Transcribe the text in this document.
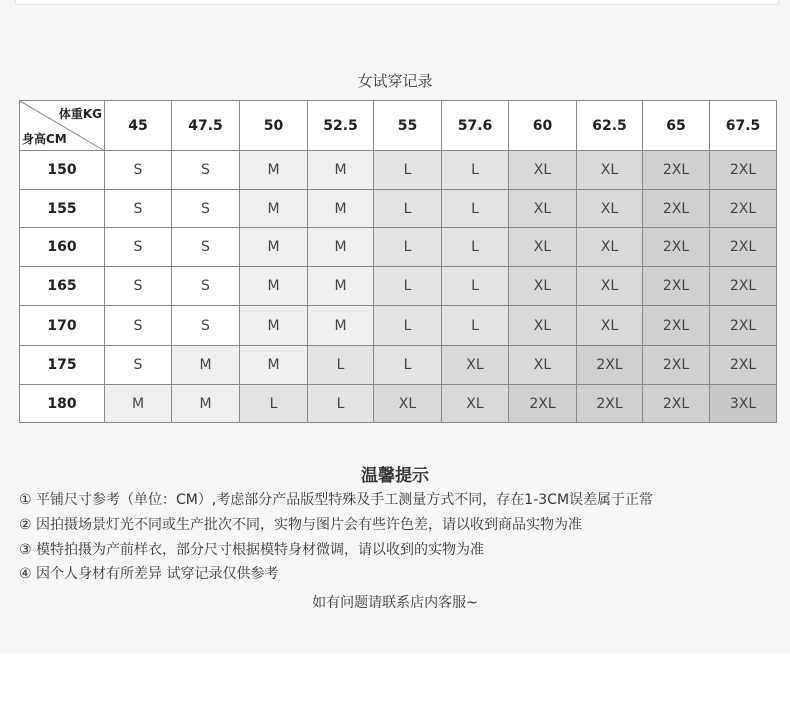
女试穿记录
体重KG
身高CM	45	47.5	50	52.5	55	57.6	60	62.5	65	67.5
150	S	S	M	M	L	L	XL	XL	2XL	2XL
155	S	S	M	M	L	L	XL	XL	2XL	2XL
160	S	S	M	M	L	L	XL	XL	2XL	2XL
165	S	S	M	M	L	L	XL	XL	2XL	2XL
170	S	S	M	M	L	L	XL	XL	2XL	2XL
175	S	M	M	L	L	XL	XL	2XL	2XL	2XL
180	M	M	L	L	XL	XL	2XL	2XL	2XL	3XL
温馨提示
① 平铺尺寸参考（单位：CM）,考虑部分产品版型特殊及手工测量方式不同，存在1-3CM误差属于正常
② 因拍摄场景灯光不同或生产批次不同，实物与图片会有些许色差，请以收到商品实物为准
③ 模特拍摄为产前样衣，部分尺寸根据模特身材微调，请以收到的实物为准
④ 因个人身材有所差异 试穿记录仅供参考
如有问题请联系店内客服~
